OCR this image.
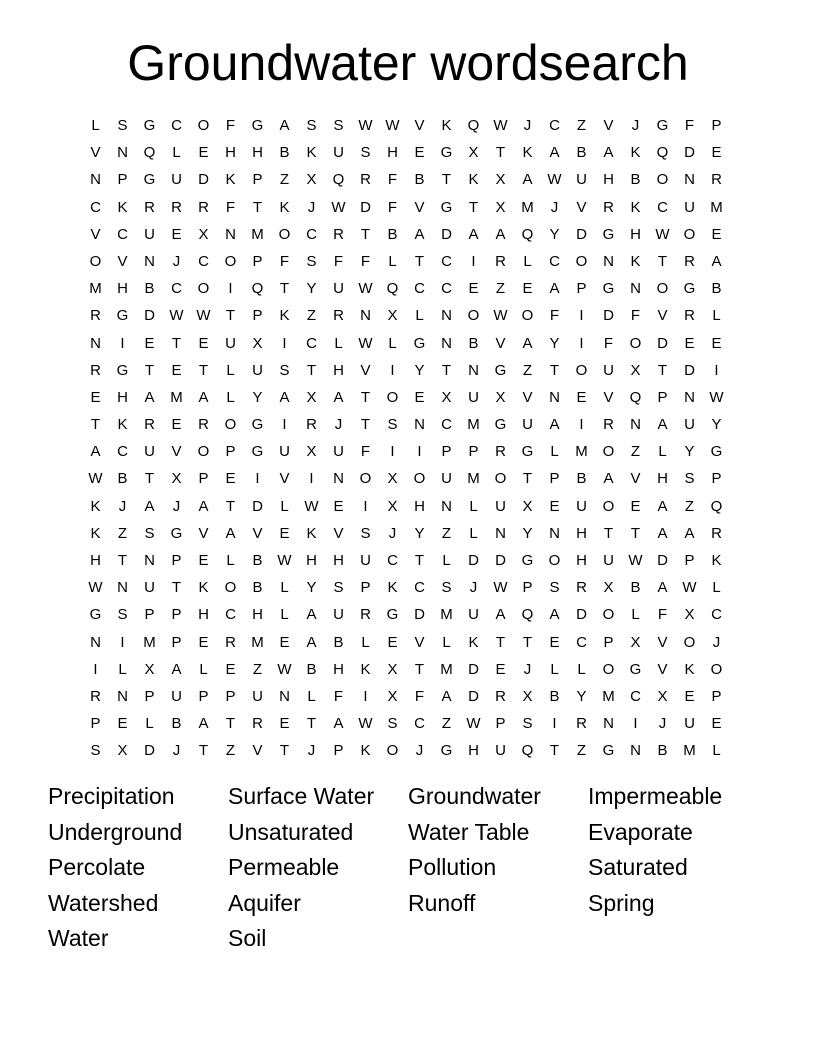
Groundwater wordsearch
L	S	G	C	O	F	G	A	S	S W W V	K	Q W	J	C	Z	V	J	G	F	P
V	N	Q	L	E	H	H	B	K	U	S	H	E	G	X	T	K	A	B	A	K	Q	D	E
N	P	G	U	D	K	P	Z	X	Q	R	F	B	T	K	X	A W U	H	B	O	N	R
C	K	R	R	R	F	T	K	J	W D	F	V	G	T	X	M	J	V	R	K	C	U	M
V	C	U	E	X	N	M O	C	R	T	B	A	D	A	A	Q	Y	D	G	H W O	E
O	V	N	J	C	O	P	F	S	F	F	L	T	C	I	R	L	C	O	N	K	T	R	A
M	H	B	C	O	I	Q	T	Y	U W Q	C	C	E	Z	E	A	P	G	N	O	G	B
R	G	D W W	T	P	K	Z	R	N	X	L	N	O W O	F	I	D	F	V	R	L
N	I	E	T	E	U	X	I	C	L	W	L	G	N	B	V	A	Y	I	F	O	D	E	E
R	G	T	E	T	L	U	S	T	H	V	I	Y	T	N	G	Z	T	O	U	X	T	D	I
E	H	A	M	A	L	Y	A	X	A	T	O	E	X	U	X	V	N	E	V	Q	P	N W
T	K	R	E	R	O	G	I	R	J	T	S	N	C	M G	U	A	I	R	N	A	U	Y
A	C	U	V	O	P	G	U	X	U	F	I	I	P	P	R	G	L	M O	Z	L	Y	G
W B	T	X	P	E	I	V	I	N	O	X	O	U	M O	T	P	B	A	V	H	S	P
K	J	A	J	A	T	D	L	W E	I	X	H	N	L	U	X	E	U	O	E	A	Z	Q
K	Z	S	G	V	A	V	E	K	V	S	J	Y	Z	L	N	Y	N	H	T	T	A	A	R
H	T	N	P	E	L	B W H	H	U	C	T	L	D	D	G	O	H	U W D	P	K
W N	U	T	K	O	B	L	Y	S	P	K	C	S	J	W P	S	R	X	B	A W	L
G	S	P	P	H	C	H	L	A	U	R	G	D	M	U	A	Q	A	D	O	L	F	X	C
N	I	M	P	E	R	M	E	A	B	L	E	V	L	K	T	T	E	C	P	X	V	O	J
I	L	X	A	L	E	Z	W B	H	K	X	T	M	D	E	J	L	L	O	G	V	K	O
R	N	P	U	P	P	U	N	L	F	I	X	F	A	D	R	X	B	Y	M	C	X	E	P
P	E	L	B	A	T	R	E	T	A W S	C	Z	W P	S	I	R	N	I	J	U	E
S	X	D	J	T	Z	V	T	J	P	K	O	J	G	H	U	Q	T	Z	G	N	B	M	L
Precipitation	Surface Water	Groundwater	Impermeable
Underground	Unsaturated	Water Table	Evaporate
Percolate	Permeable	Pollution	Saturated
Watershed	Aquifer	Runoff	Spring
Water	Soil
